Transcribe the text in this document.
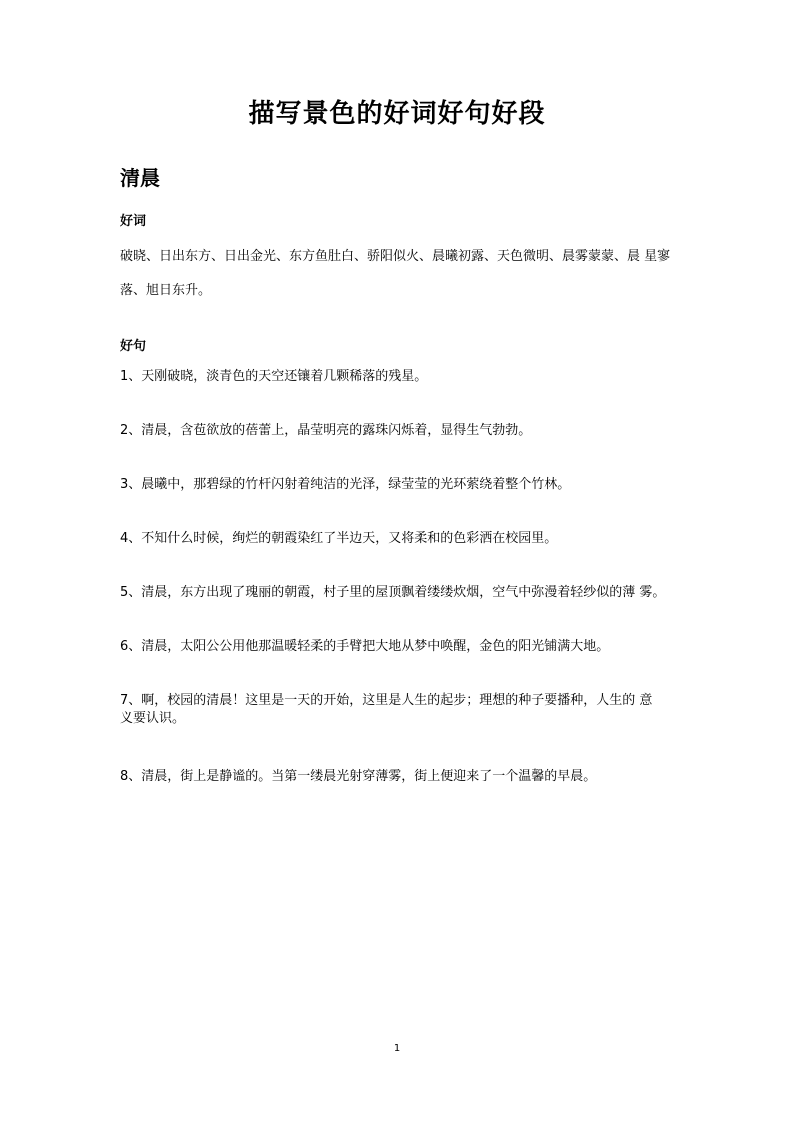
描写景色的好词好句好段
清晨
好词
破晓、日出东方、日出金光、东方鱼肚白、骄阳似火、晨曦初露、天色微明、晨雾蒙蒙、晨 星寥
落、旭日东升。
好句
1、天刚破晓，淡青色的天空还镶着几颗稀落的残星。
2、清晨，含苞欲放的蓓蕾上，晶莹明亮的露珠闪烁着，显得生气勃勃。
3、晨曦中，那碧绿的竹杆闪射着纯洁的光泽，绿莹莹的光环萦绕着整个竹林。
4、不知什么时候，绚烂的朝霞染红了半边天，又将柔和的色彩洒在校园里。
5、清晨，东方出现了瑰丽的朝霞，村子里的屋顶飘着缕缕炊烟，空气中弥漫着轻纱似的薄 雾。
6、清晨，太阳公公用他那温暖轻柔的手臂把大地从梦中唤醒，金色的阳光铺满大地。
7、啊，校园的清晨！这里是一天的开始，这里是人生的起步；理想的种子要播种，人生的 意
义要认识。
8、清晨，街上是静谧的。当第一缕晨光射穿薄雾，街上便迎来了一个温馨的早晨。
1
